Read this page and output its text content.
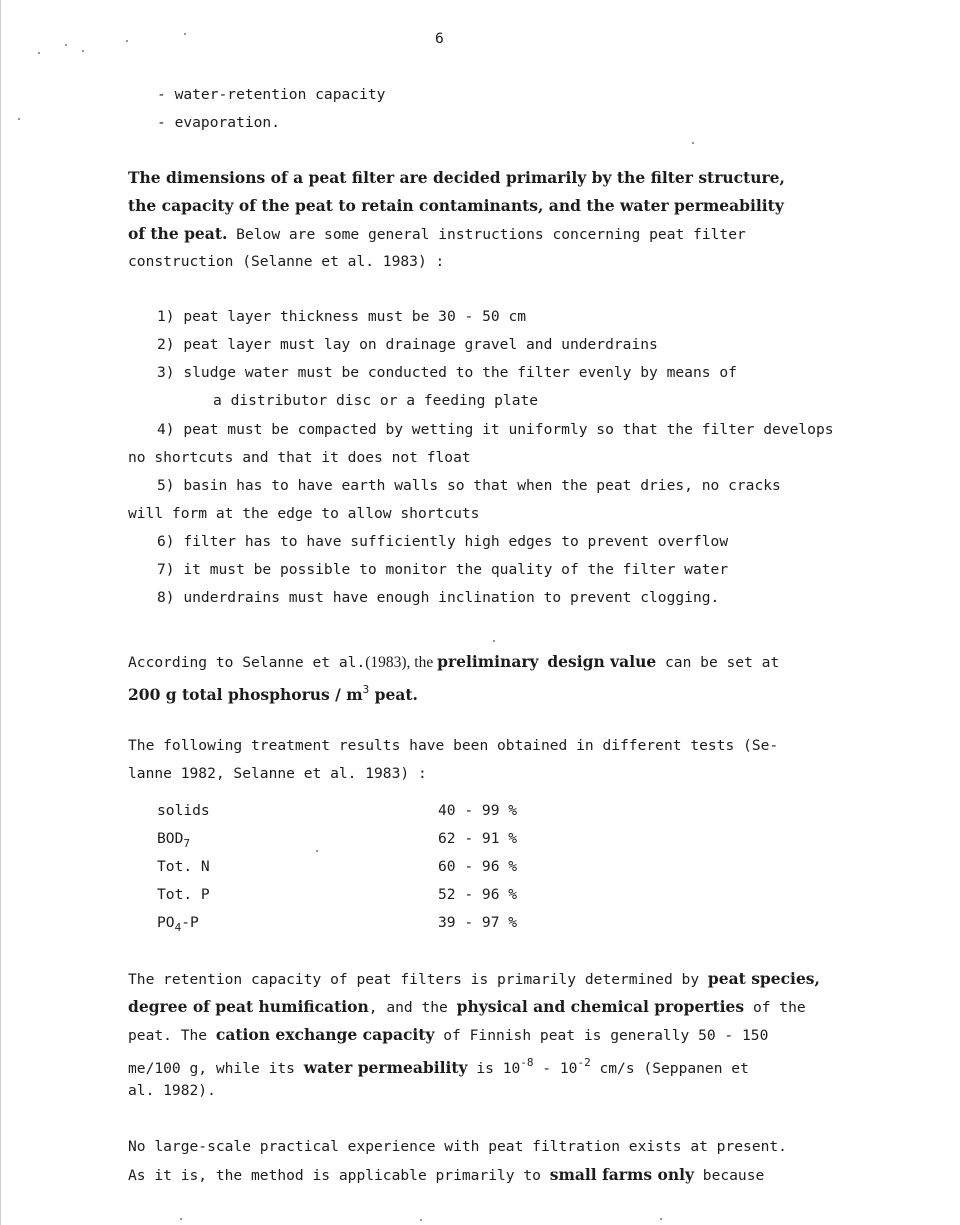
6
- water-retention capacity
- evaporation.
The dimensions of a peat filter are decided primarily by the filter structure,
the capacity of the peat to retain contaminants, and the water permeability
of the peat. Below are some general instructions concerning peat filter
construction (Selanne et al. 1983) :
1) peat layer thickness must be 30 - 50 cm
2) peat layer must lay on drainage gravel and underdrains
3) sludge water must be conducted to the filter evenly by means of
a distributor disc or a feeding plate
4) peat must be compacted by wetting it uniformly so that the filter develops
no shortcuts and that it does not float
5) basin has to have earth walls so that when the peat dries, no cracks
will form at the edge to allow shortcuts
6) filter has to have sufficiently high edges to prevent overflow
7) it must be possible to monitor the quality of the filter water
8) underdrains must have enough inclination to prevent clogging.
According to Selanne et al.(1983), the preliminary design value can be set at
200 g total phosphorus / $m^3$ peat.
The following treatment results have been obtained in different tests (Se-
lanne 1982, Selanne et al. 1983) :
solids	40 - 99 %
$BOD_7$	62 - 91 %
Tot. N	60 - 96 %
Tot. P	52 - 96 %
$PO_4-P$	39 - 97 %
The retention capacity of peat filters is primarily determined by peat species,
degree of peat humification, and the physical and chemical properties of the
peat. The cation exchange capacity of Finnish peat is generally 50 - 150
me/100 g, while its water permeability is $10^{-8} - 10^{-2}$ cm/s (Seppanen et
al. 1982).
No large-scale practical experience with peat filtration exists at present.
As it is, the method is applicable primarily to small farms only because
